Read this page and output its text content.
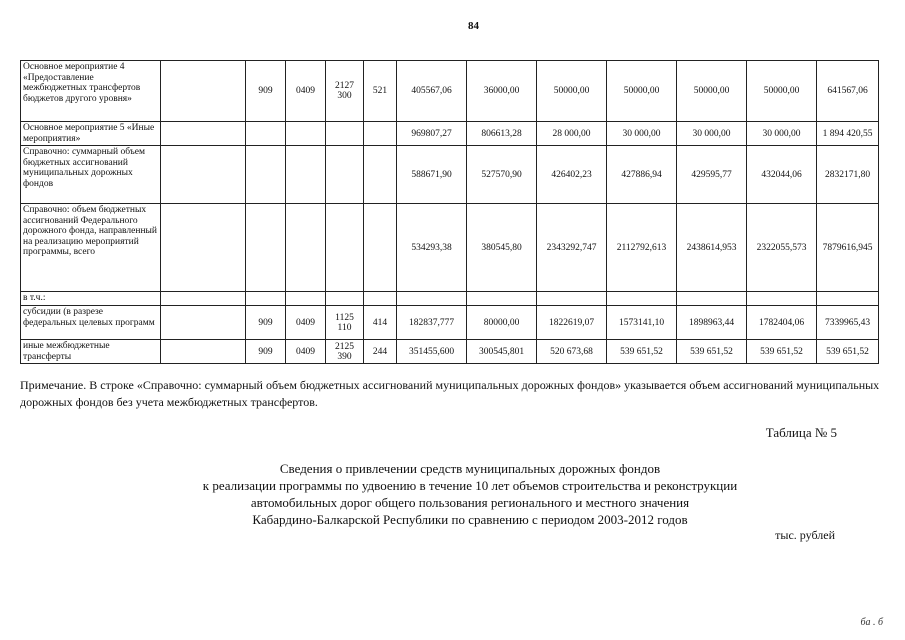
84
Основное мероприятие 4 «Предоставление межбюджетных трансфертов бюджетов другого уровня»		909	0409	2127 300	521	405567,06	36000,00	50000,00	50000,00	50000,00	50000,00	641567,06
Основное мероприятие 5 «Иные мероприятия»						969807,27	806613,28	28 000,00	30 000,00	30 000,00	30 000,00	1 894 420,55
Справочно: суммарный объем бюджетных ассигнований муниципальных дорожных фондов						588671,90	527570,90	426402,23	427886,94	429595,77	432044,06	2832171,80
Справочно: объем бюджетных ассигнований Федерального дорожного фонда, направленный на реализацию мероприятий программы, всего						534293,38	380545,80	2343292,747	2112792,613	2438614,953	2322055,573	7879616,945
в т.ч.:												
субсидии (в разрезе федеральных целевых программ		909	0409	1125 110	414	182837,777	80000,00	1822619,07	1573141,10	1898963,44	1782404,06	7339965,43
иные межбюджетные трансферты		909	0409	2125 390	244	351455,600	300545,801	520 673,68	539 651,52	539 651,52	539 651,52	539 651,52
Примечание. В строке «Справочно: суммарный объем бюджетных ассигнований муниципальных дорожных фондов» указывается объем ассигнований муниципальных дорожных фондов без учета межбюджетных трансфертов.
Таблица № 5
Сведения о привлечении средств муниципальных дорожных фондов
к реализации программы по удвоению в течение 10 лет объемов строительства и реконструкции
автомобильных дорог общего пользования регионального и местного значения
Кабардино-Балкарской Республики по сравнению с периодом 2003-2012 годов
тыс. рублей
ба . б
